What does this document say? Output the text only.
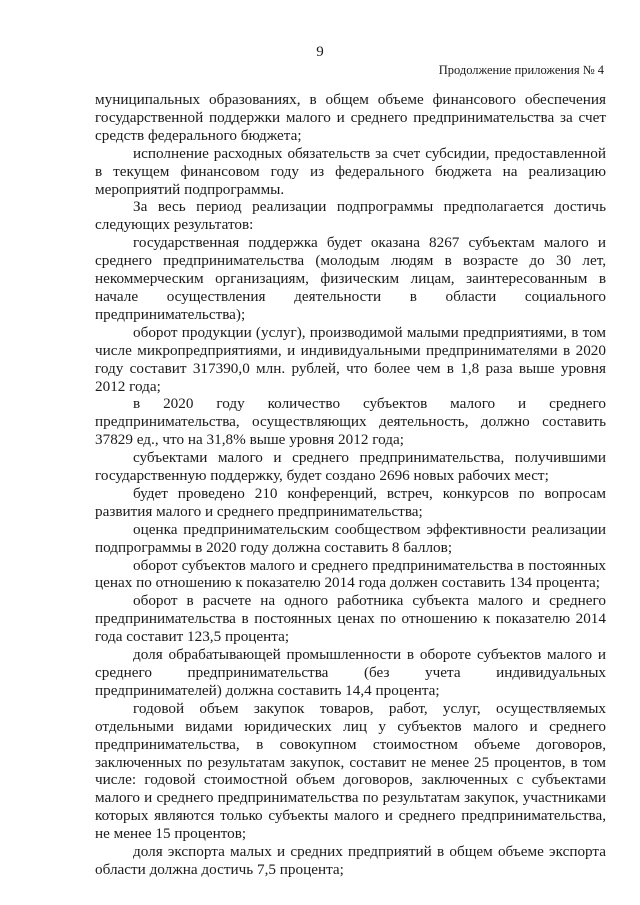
9
Продолжение приложения № 4

муниципальных образованиях, в общем объеме финансового обеспечения государственной поддержки малого и среднего предпринимательства за счет средств федерального бюджета;

исполнение расходных обязательств за счет субсидии, предоставленной в текущем финансовом году из федерального бюджета на реализацию мероприятий подпрограммы.

За весь период реализации подпрограммы предполагается достичь следующих результатов:

государственная поддержка будет оказана 8267 субъектам малого и среднего предпринимательства (молодым людям в возрасте до 30 лет, некоммерческим организациям, физическим лицам, заинтересованным в начале осуществления деятельности в области социального предпринимательства);

оборот продукции (услуг), производимой малыми предприятиями, в том числе микропредприятиями, и индивидуальными предпринимателями в 2020 году составит 317390,0 млн. рублей, что более чем в 1,8 раза выше уровня 2012 года;

в 2020 году количество субъектов малого и среднего предпринимательства, осуществляющих деятельность, должно составить 37829 ед., что на 31,8% выше уровня 2012 года;

субъектами малого и среднего предпринимательства, получившими государственную поддержку, будет создано 2696 новых рабочих мест;

будет проведено 210 конференций, встреч, конкурсов по вопросам развития малого и среднего предпринимательства;

оценка предпринимательским сообществом эффективности реализации подпрограммы в 2020 году должна составить 8 баллов;

оборот субъектов малого и среднего предпринимательства в постоянных ценах по отношению к показателю 2014 года должен составить 134 процента;

оборот в расчете на одного работника субъекта малого и среднего предпринимательства в постоянных ценах по отношению к показателю 2014 года составит 123,5 процента;

доля обрабатывающей промышленности в обороте субъектов малого и среднего предпринимательства (без учета индивидуальных предпринимателей) должна составить 14,4 процента;

годовой объем закупок товаров, работ, услуг, осуществляемых отдельными видами юридических лиц у субъектов малого и среднего предпринимательства, в совокупном стоимостном объеме договоров, заключенных по результатам закупок, составит не менее 25 процентов, в том числе: годовой стоимостной объем договоров, заключенных с субъектами малого и среднего предпринимательства по результатам закупок, участниками которых являются только субъекты малого и среднего предпринимательства, не менее 15 процентов;

доля экспорта малых и средних предприятий в общем объеме экспорта области должна достичь 7,5 процента;
